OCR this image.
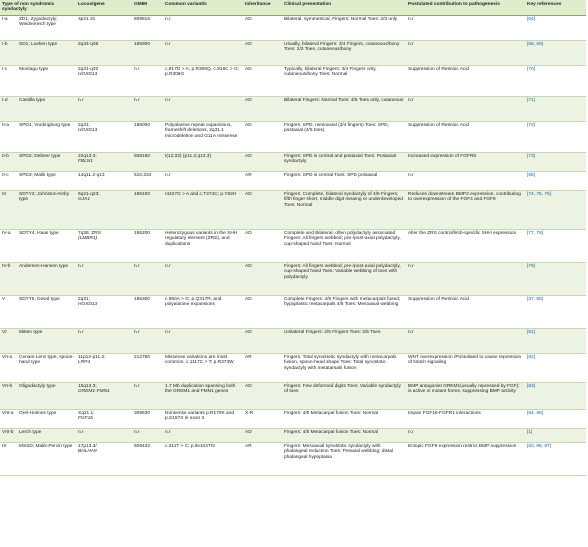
Type of non syndromic syndactyly	Locus/gene	OMIM	Common variant/s	Inheritance	Clinical presentation	Postulated contribution to pathogenesis	Key references

I-a ZD1; Zygodactyly; Weidenreich type	3p21.31	609815	n.r	AD	Bilateral, symmetrical, Fingers: Normal Toes: 2/3 only	n.r	[64]

I-b SD1; Lueken type	2q34-q36	185900	n.r	AD	Usually, bilateral Fingers: 3/4 Fingers, cutaneous/bony Toes: 2/3 Toes, cutaneous/bony	n.r	[68, 69]

I-c Montagu type	2q31-q32
HOXD13	n.r	c.917G > A; p.R306Q, c.916C > G; p.R306G	AD	Typically, bilateral Fingers: 3/4 Fingers only, cutaneous/bony Toes: Normal	Suppression of Retinoic Acid	[70]

I-d Castilla type	n.r	n.r	n.r	AD	Bilateral Fingers: Normal Toes: 4/5 Toes only, cutaneous	n.r	[71]

II-a SPD1; Vordingborg type	2q31;
HOXD13	186000	Polyalanine repeat expansions, frameshift deletions, 2q31.1 microdeletion and G11A missense	AD	Fingers: SPD, mesoaxial (3/4 fingers) Toes: SPD, postaxial (4/5 toes)	Suppression of Retinoic Acid	[72]

II-b SPD2; Debeer type	22q13.3;
FBLN1	608180	t(12;22) (p11.2;q13.3)	AD	Fingers: SPD is central and postaxial Toes: Postaxial syndactyly	Increased expression of FGFR8	[73]

II-c SPD3; Malik type	14q11.2-q13	610,234	n.r	AR	Fingers: SPD is central Toes: SPD postaxial	n.r	[65]

III SDTY3; Johnston-Kirby type	6q21-q23;
GJA1	186100	nt427G > A and c.T274C; p.Y92H	AD	Fingers: Complete, bilateral syndactyly of 4/5 Fingers; fifth finger short, middle digit missing or underdeveloped Toes: Normal	Reduces downstream BMP2 expression, contributing to overexpression of the FGF4 and FGF8	[74, 75, 76]

IV-a SDTY4; Haas type	7q36; ZRS
(LMBR1)	186200	Heterozygous variants in the SHH regulatory element (ZRS), and duplications	AD	Complete and Bilateral, often polydactyly associated Fingers: All fingers webbed; pre-/post-axial polydactyly, cup-shaped hand Toes: Normal	Alter the ZRS control/limb-specific SHH expression	[77, 78]

IV-b Andersen-Hansen type	n.r	n.r	n.r	AD	Fingers: All fingers webbed; pre-/post-axial polydactyly, cup-shaped hand Toes: Variable webbing of toes with polydactyly	n.r	[79]

V SDTY5; Dowd type	2q31;
HOXD13	186300	c.950A > G; p.Q317R, and polyalanine expansions	AD	Complete Fingers: 4/5 Fingers with metacarpals fused; hypoplastic metacarpals 4/5 Toes: Mesoaxial webbing	Suppression of Retinoic Acid	[37, 80]

VI Mitten type	n.r	n.r	n.r	AD	Unilateral Fingers: 2/5 Fingers Toes: 2/5 Toes	n.r	[81]

VII-a Cenani-Lenz type; spoon-hand type	11p12-p11.2;
LRP4	212780	Missense variations are most common, c.1117C > T; p.R373W	AR	Fingers: Total synostotic syndactyly with metacarpals fusion, spoon-head shape Toes: Total synostotic syndactyly with metatarsals fusion	WNT overexpression /Postulated to cause repression of Notch signaling	[82]

VII-b Oligodactyly type	15q13.3;
GREM1-FMN1	n.r	1.7 Mb duplication spanning both the GREM1 and FMN1 genes	AD	Fingers: Few deformed digits Toes: Variable syndactyly of toes	BMP antagonist GREM1(usually repressed by FGF); is active in mutant forms, suppressing BMP activity	[83]

VIII-a Orel-Holmes type	Xq21.1;
FGF16	309630	Nonsense variants p.R179X and p.S157X in exon 3	X-R	Fingers: 4/5 Metacarpal fusion Toes: Normal	Impair FGF16-FGFR1 interactions	[84, 85]

VIII-b Lerch type	n.r	n.r	n.r	AD	Fingers: 4/5 Metacarpal fusion Toes: Normal	n.r	[1]

IX MSSD; Malik-Percin type	17p13.3/
BHLHA9	609432	c.311T > C; p.Ile104Thr	AR	Fingers: Mesoaxial synostotic syndactyly with phalangeal reduction Toes: Preaxial webbing; distal phalangeal hypoplasia	Ectopic FGF8 expression restrict BMP suppression	[63, 86, 87]
